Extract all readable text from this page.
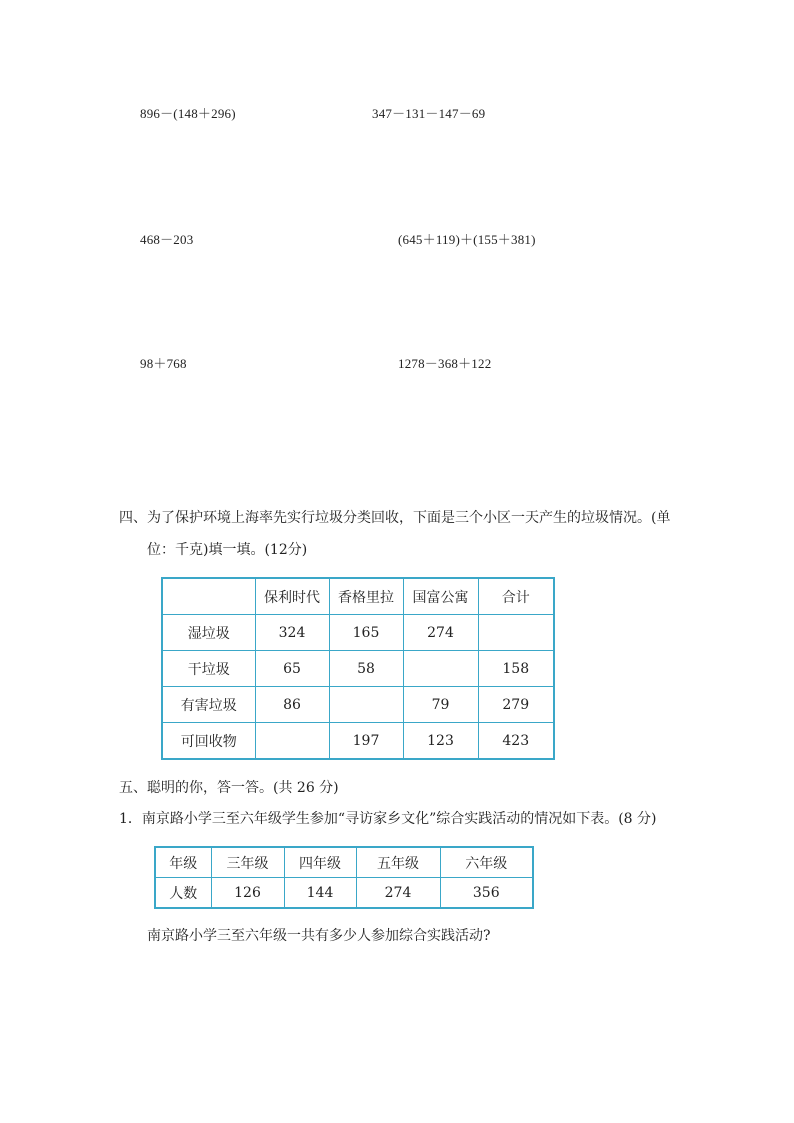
896－(148＋296)	347－131－147－69
468－203	(645＋119)＋(155＋381)
98＋768	1278－368＋122
四、为了保护环境上海率先实行垃圾分类回收，下面是三个小区一天产生的垃圾情况。(单
位：千克)填一填。(12分)
	保利时代	香格里拉	国富公寓	合计
湿垃圾	324	165	274	
干垃圾	65	58		158
有害垃圾	86		79	279
可回收物		197	123	423
五、聪明的你，答一答。(共 26 分)
1．南京路小学三至六年级学生参加“寻访家乡文化”综合实践活动的情况如下表。(8 分)
年级	三年级	四年级	五年级	六年级
人数	126	144	274	356
南京路小学三至六年级一共有多少人参加综合实践活动?
